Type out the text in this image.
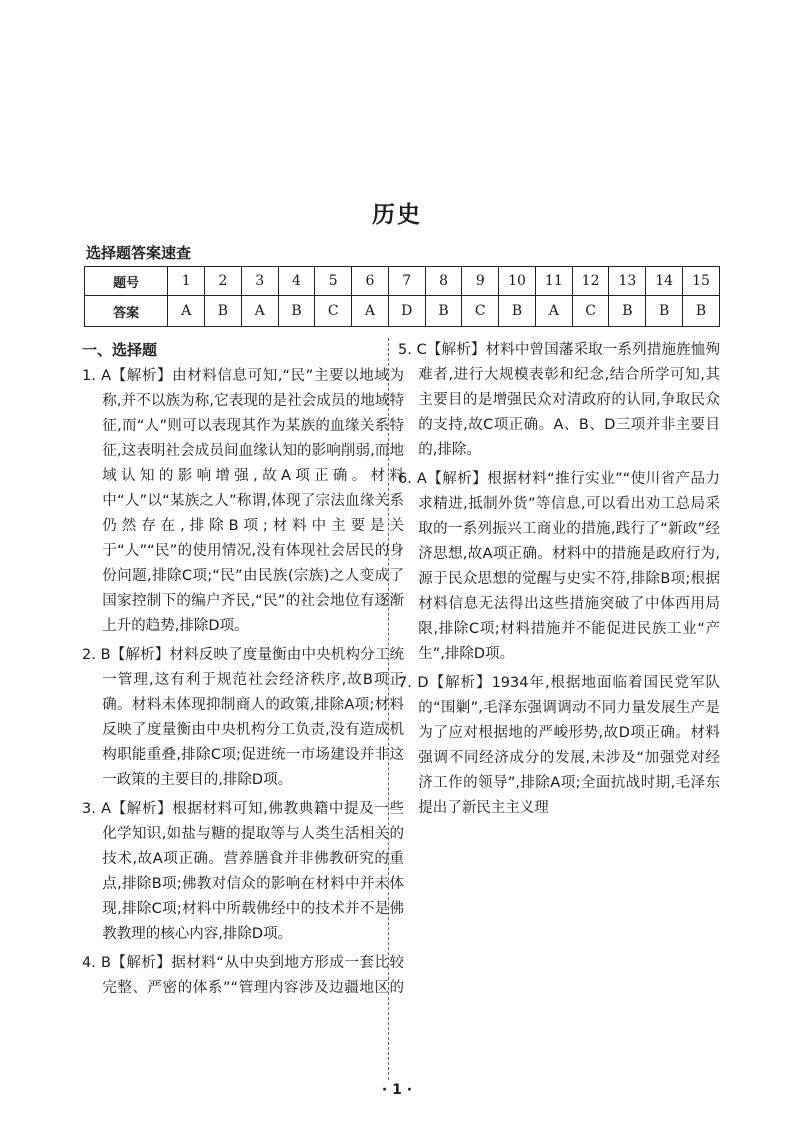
历史
选择题答案速查
题号	1	2	3	4	5	6	7	8	9	10	11	12	13	14	15
答案	A	B	A	B	C	A	D	B	C	B	A	C	B	B	B
一、选择题
1. A【解析】由材料信息可知,“民”主要以地域为称,并不以族为称,它表现的是社会成员的地域特征,而“人”则可以表现其作为某族的血缘关系特征,这表明社会成员间血缘认知的影响削弱,而地域认知的影响增强,故A项正确。材料中“人”以“某族之人”称谓,体现了宗法血缘关系仍然存在,排除B项;材料中主要是关于“人”“民”的使用情况,没有体现社会居民的身份问题,排除C项;“民”由民族(宗族)之人变成了国家控制下的编户齐民,“民”的社会地位有逐渐上升的趋势,排除D项。
2. B【解析】材料反映了度量衡由中央机构分工统一管理,这有利于规范社会经济秩序,故B项正确。材料未体现抑制商人的政策,排除A项;材料反映了度量衡由中央机构分工负责,没有造成机构职能重叠,排除C项;促进统一市场建设并非这一政策的主要目的,排除D项。
3. A【解析】根据材料可知,佛教典籍中提及一些化学知识,如盐与糖的提取等与人类生活相关的技术,故A项正确。营养膳食并非佛教研究的重点,排除B项;佛教对信众的影响在材料中并未体现,排除C项;材料中所载佛经中的技术并不是佛教教理的核心内容,排除D项。
4. B【解析】据材料“从中央到地方形成一套比较完整、严密的体系”“管理内容涉及边疆地区的
5. C【解析】材料中曾国藩采取一系列措施旌恤殉难者,进行大规模表彰和纪念,结合所学可知,其主要目的是增强民众对清政府的认同,争取民众的支持,故C项正确。A、B、D三项并非主要目的,排除。
6. A【解析】根据材料“推行实业”“使川省产品力求精进,抵制外货”等信息,可以看出劝工总局采取的一系列振兴工商业的措施,践行了“新政”经济思想,故A项正确。材料中的措施是政府行为,源于民众思想的觉醒与史实不符,排除B项;根据材料信息无法得出这些措施突破了中体西用局限,排除C项;材料措施并不能促进民族工业“产生”,排除D项。
7. D【解析】1934年,根据地面临着国民党军队的“围剿”,毛泽东强调调动不同力量发展生产是为了应对根据地的严峻形势,故D项正确。材料强调不同经济成分的发展,未涉及“加强党对经济工作的领导”,排除A项;全面抗战时期,毛泽东提出了新民主主义理
· 1 ·
